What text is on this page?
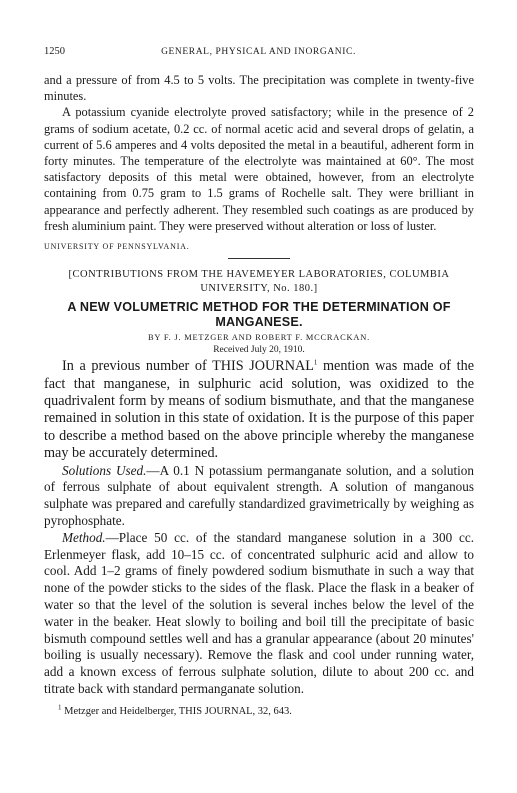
1250	GENERAL, PHYSICAL AND INORGANIC.

and a pressure of from 4.5 to 5 volts. The precipitation was complete in twenty-five minutes.

A potassium cyanide electrolyte proved satisfactory; while in the presence of 2 grams of sodium acetate, 0.2 cc. of normal acetic acid and several drops of gelatin, a current of 5.6 amperes and 4 volts deposited the metal in a beautiful, adherent form in forty minutes. The temperature of the electrolyte was maintained at 60°. The most satisfactory deposits of this metal were obtained, however, from an electrolyte containing from 0.75 gram to 1.5 grams of Rochelle salt. They were brilliant in appearance and perfectly adherent. They resembled such coatings as are produced by fresh aluminium paint. They were preserved without alteration or loss of luster.

UNIVERSITY OF PENNSYLVANIA.

[CONTRIBUTIONS FROM THE HAVEMEYER LABORATORIES, COLUMBIA UNIVERSITY, No. 180.]

A NEW VOLUMETRIC METHOD FOR THE DETERMINATION OF MANGANESE.

BY F. J. METZGER AND ROBERT F. MCCRACKAN.

Received July 20, 1910.

In a previous number of THIS JOURNAL$^1$ mention was made of the fact that manganese, in sulphuric acid solution, was oxidized to the quadrivalent form by means of sodium bismuthate, and that the manganese remained in solution in this state of oxidation. It is the purpose of this paper to describe a method based on the above principle whereby the manganese may be accurately determined.

Solutions Used.—A 0.1 N potassium permanganate solution, and a solution of ferrous sulphate of about equivalent strength. A solution of manganous sulphate was prepared and carefully standardized gravimetrically by weighing as pyrophosphate.

Method.—Place 50 cc. of the standard manganese solution in a 300 cc. Erlenmeyer flask, add 10–15 cc. of concentrated sulphuric acid and allow to cool. Add 1–2 grams of finely powdered sodium bismuthate in such a way that none of the powder sticks to the sides of the flask. Place the flask in a beaker of water so that the level of the solution is several inches below the level of the water in the beaker. Heat slowly to boiling and boil till the precipitate of basic bismuth compound settles well and has a granular appearance (about 20 minutes' boiling is usually necessary). Remove the flask and cool under running water, add a known excess of ferrous sulphate solution, dilute to about 200 cc. and titrate back with standard permanganate solution.

$^1$ Metzger and Heidelberger, THIS JOURNAL, 32, 643.
